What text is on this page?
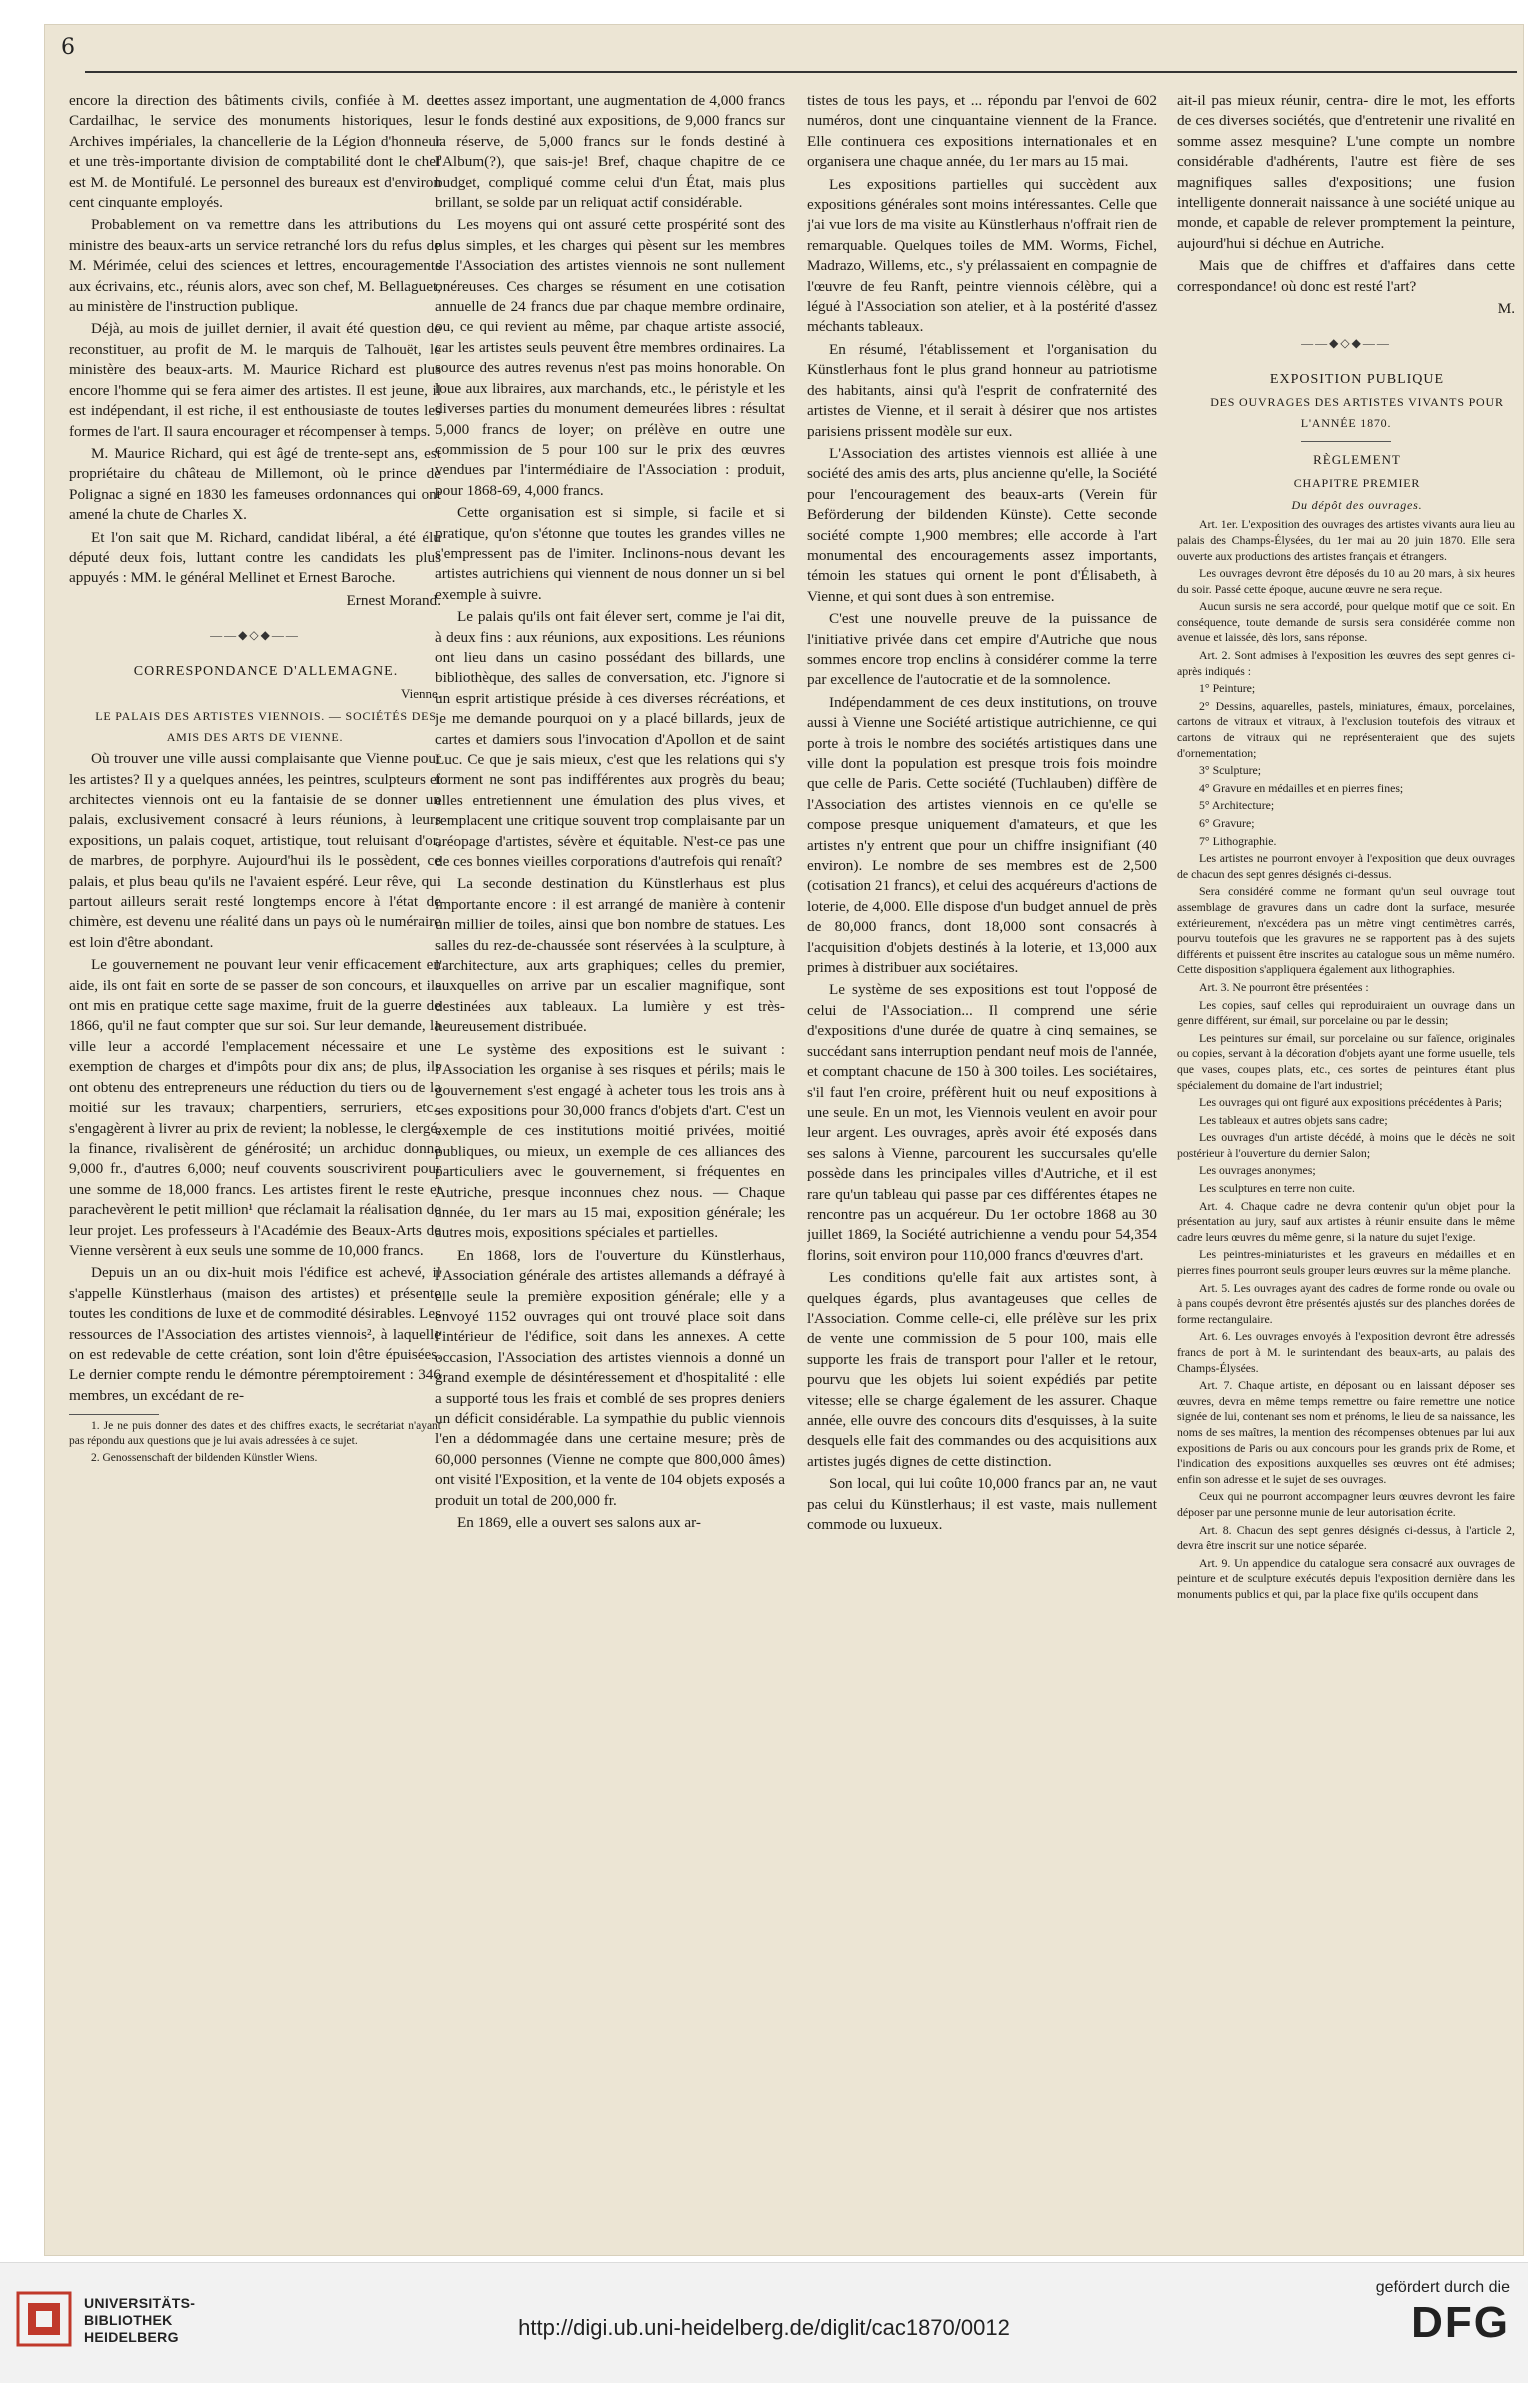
6

encore la direction des bâtiments civils, confiée à M. de Cardailhac, le service des monuments historiques, les Archives impériales, la chancellerie de la Légion d'honneur et une très-importante division de comptabilité dont le chef est M. de Montifulé. Le personnel des bureaux est d'environ cent cinquante employés.

Probablement on va remettre dans les attributions du ministre des beaux-arts un service retranché lors du refus de M. Mérimée, celui des sciences et lettres, encouragements aux écrivains, etc., réunis alors, avec son chef, M. Bellaguet, au ministère de l'instruction publique.

Déjà, au mois de juillet dernier, il avait été question de reconstituer, au profit de M. le marquis de Talhouët, le ministère des beaux-arts. M. Maurice Richard est plus encore l'homme qui se fera aimer des artistes. Il est jeune, il est indépendant, il est riche, il est enthousiaste de toutes les formes de l'art. Il saura encourager et récompenser à temps.

M. Maurice Richard, qui est âgé de trente-sept ans, est propriétaire du château de Millemont, où le prince de Polignac a signé en 1830 les fameuses ordonnances qui ont amené la chute de Charles X.

Et l'on sait que M. Richard, candidat libéral, a été élu député deux fois, luttant contre les candidats les plus appuyés : MM. le général Mellinet et Ernest Baroche.

Ernest Morand.

——◆◇◆——

CORRESPONDANCE D'ALLEMAGNE.

Vienne.

LE PALAIS DES ARTISTES VIENNOIS. — SOCIÉTÉS DES AMIS DES ARTS DE VIENNE.

Où trouver une ville aussi complaisante que Vienne pour les artistes? Il y a quelques années, les peintres, sculpteurs et architectes viennois ont eu la fantaisie de se donner un palais, exclusivement consacré à leurs réunions, à leurs expositions, un palais coquet, artistique, tout reluisant d'or, de marbres, de porphyre. Aujourd'hui ils le possèdent, ce palais, et plus beau qu'ils ne l'avaient espéré. Leur rêve, qui partout ailleurs serait resté longtemps encore à l'état de chimère, est devenu une réalité dans un pays où le numéraire est loin d'être abondant.

Le gouvernement ne pouvant leur venir efficacement en aide, ils ont fait en sorte de se passer de son concours, et ils ont mis en pratique cette sage maxime, fruit de la guerre de 1866, qu'il ne faut compter que sur soi. Sur leur demande, la ville leur a accordé l'emplacement nécessaire et une exemption de charges et d'impôts pour dix ans; de plus, ils ont obtenu des entrepreneurs une réduction du tiers ou de la moitié sur les travaux; charpentiers, serruriers, etc., s'engagèrent à livrer au prix de revient; la noblesse, le clergé, la finance, rivalisèrent de générosité; un archiduc donna 9,000 fr., d'autres 6,000; neuf couvents souscrivirent pour une somme de 18,000 francs. Les artistes firent le reste et parachevèrent le petit million¹ que réclamait la réalisation de leur projet. Les professeurs à l'Académie des Beaux-Arts de Vienne versèrent à eux seuls une somme de 10,000 francs.

Depuis un an ou dix-huit mois l'édifice est achevé, il s'appelle Künstlerhaus (maison des artistes) et présente toutes les conditions de luxe et de commodité désirables. Les ressources de l'Association des artistes viennois², à laquelle on est redevable de cette création, sont loin d'être épuisées. Le dernier compte rendu le démontre péremptoirement : 346 membres, un excédant de re-

1. Je ne puis donner des dates et des chiffres exacts, le secrétariat n'ayant pas répondu aux questions que je lui avais adressées à ce sujet.

2. Genossenschaft der bildenden Künstler Wiens.

cettes assez important, une augmentation de 4,000 francs sur le fonds destiné aux expositions, de 9,000 francs sur la réserve, de 5,000 francs sur le fonds destiné à l'Album(?), que sais-je! Bref, chaque chapitre de ce budget, compliqué comme celui d'un État, mais plus brillant, se solde par un reliquat actif considérable.

Les moyens qui ont assuré cette prospérité sont des plus simples, et les charges qui pèsent sur les membres de l'Association des artistes viennois ne sont nullement onéreuses. Ces charges se résument en une cotisation annuelle de 24 francs due par chaque membre ordinaire, ou, ce qui revient au même, par chaque artiste associé, car les artistes seuls peuvent être membres ordinaires. La source des autres revenus n'est pas moins honorable. On loue aux libraires, aux marchands, etc., le péristyle et les diverses parties du monument demeurées libres : résultat 5,000 francs de loyer; on prélève en outre une commission de 5 pour 100 sur le prix des œuvres vendues par l'intermédiaire de l'Association : produit, pour 1868-69, 4,000 francs.

Cette organisation est si simple, si facile et si pratique, qu'on s'étonne que toutes les grandes villes ne s'empressent pas de l'imiter. Inclinons-nous devant les artistes autrichiens qui viennent de nous donner un si bel exemple à suivre.

Le palais qu'ils ont fait élever sert, comme je l'ai dit, à deux fins : aux réunions, aux expositions. Les réunions ont lieu dans un casino possédant des billards, une bibliothèque, des salles de conversation, etc. J'ignore si un esprit artistique préside à ces diverses récréations, et je me demande pourquoi on y a placé billards, jeux de cartes et damiers sous l'invocation d'Apollon et de saint Luc. Ce que je sais mieux, c'est que les relations qui s'y forment ne sont pas indifférentes aux progrès du beau; elles entretiennent une émulation des plus vives, et remplacent une critique souvent trop complaisante par un aréopage d'artistes, sévère et équitable. N'est-ce pas une de ces bonnes vieilles corporations d'autrefois qui renaît?

La seconde destination du Künstlerhaus est plus importante encore : il est arrangé de manière à contenir un millier de toiles, ainsi que bon nombre de statues. Les salles du rez-de-chaussée sont réservées à la sculpture, à l'architecture, aux arts graphiques; celles du premier, auxquelles on arrive par un escalier magnifique, sont destinées aux tableaux. La lumière y est très-heureusement distribuée.

Le système des expositions est le suivant : l'Association les organise à ses risques et périls; mais le gouvernement s'est engagé à acheter tous les trois ans à ses expositions pour 30,000 francs d'objets d'art. C'est un exemple de ces institutions moitié privées, moitié publiques, ou mieux, un exemple de ces alliances des particuliers avec le gouvernement, si fréquentes en Autriche, presque inconnues chez nous. — Chaque année, du 1er mars au 15 mai, exposition générale; les autres mois, expositions spéciales et partielles.

En 1868, lors de l'ouverture du Künstlerhaus, l'Association générale des artistes allemands a défrayé à elle seule la première exposition générale; elle y a envoyé 1152 ouvrages qui ont trouvé place soit dans l'intérieur de l'édifice, soit dans les annexes. A cette occasion, l'Association des artistes viennois a donné un grand exemple de désintéressement et d'hospitalité : elle a supporté tous les frais et comblé de ses propres deniers un déficit considérable. La sympathie du public viennois l'en a dédommagée dans une certaine mesure; près de 60,000 personnes (Vienne ne compte que 800,000 âmes) ont visité l'Exposition, et la vente de 104 objets exposés a produit un total de 200,000 fr.

En 1869, elle a ouvert ses salons aux ar-

tistes de tous les pays, et ... répondu par l'envoi de 602 numéros, dont une cinquantaine viennent de la France. Elle continuera ces expositions internationales et en organisera une chaque année, du 1er mars au 15 mai.

Les expositions partielles qui succèdent aux expositions générales sont moins intéressantes. Celle que j'ai vue lors de ma visite au Künstlerhaus n'offrait rien de remarquable. Quelques toiles de MM. Worms, Fichel, Madrazo, Willems, etc., s'y prélassaient en compagnie de l'œuvre de feu Ranft, peintre viennois célèbre, qui a légué à l'Association son atelier, et à la postérité d'assez méchants tableaux.

En résumé, l'établissement et l'organisation du Künstlerhaus font le plus grand honneur au patriotisme des habitants, ainsi qu'à l'esprit de confraternité des artistes de Vienne, et il serait à désirer que nos artistes parisiens prissent modèle sur eux.

L'Association des artistes viennois est alliée à une société des amis des arts, plus ancienne qu'elle, la Société pour l'encouragement des beaux-arts (Verein für Beförderung der bildenden Künste). Cette seconde société compte 1,900 membres; elle accorde à l'art monumental des encouragements assez importants, témoin les statues qui ornent le pont d'Élisabeth, à Vienne, et qui sont dues à son entremise.

C'est une nouvelle preuve de la puissance de l'initiative privée dans cet empire d'Autriche que nous sommes encore trop enclins à considérer comme la terre par excellence de l'autocratie et de la somnolence.

Indépendamment de ces deux institutions, on trouve aussi à Vienne une Société artistique autrichienne, ce qui porte à trois le nombre des sociétés artistiques dans une ville dont la population est presque trois fois moindre que celle de Paris. Cette société (Tuchlauben) diffère de l'Association des artistes viennois en ce qu'elle se compose presque uniquement d'amateurs, et que les artistes n'y entrent que pour un chiffre insignifiant (40 environ). Le nombre de ses membres est de 2,500 (cotisation 21 francs), et celui des acquéreurs d'actions de loterie, de 4,000. Elle dispose d'un budget annuel de près de 80,000 francs, dont 18,000 sont consacrés à l'acquisition d'objets destinés à la loterie, et 13,000 aux primes à distribuer aux sociétaires.

Le système de ses expositions est tout l'opposé de celui de l'Association... Il comprend une série d'expositions d'une durée de quatre à cinq semaines, se succédant sans interruption pendant neuf mois de l'année, et comptant chacune de 150 à 300 toiles. Les sociétaires, s'il faut l'en croire, préfèrent huit ou neuf expositions à une seule. En un mot, les Viennois veulent en avoir pour leur argent. Les ouvrages, après avoir été exposés dans ses salons à Vienne, parcourent les succursales qu'elle possède dans les principales villes d'Autriche, et il est rare qu'un tableau qui passe par ces différentes étapes ne rencontre pas un acquéreur. Du 1er octobre 1868 au 30 juillet 1869, la Société autrichienne a vendu pour 54,354 florins, soit environ pour 110,000 francs d'œuvres d'art.

Les conditions qu'elle fait aux artistes sont, à quelques égards, plus avantageuses que celles de l'Association. Comme celle-ci, elle prélève sur les prix de vente une commission de 5 pour 100, mais elle supporte les frais de transport pour l'aller et le retour, pourvu que les objets lui soient expédiés par petite vitesse; elle se charge également de les assurer. Chaque année, elle ouvre des concours dits d'esquisses, à la suite desquels elle fait des commandes ou des acquisitions aux artistes jugés dignes de cette distinction.

Son local, qui lui coûte 10,000 francs par an, ne vaut pas celui du Künstlerhaus; il est vaste, mais nullement commode ou luxueux.

ait-il pas mieux réunir, centra- dire le mot, les efforts de ces diverses sociétés, que d'entretenir une rivalité en somme assez mesquine? L'une compte un nombre considérable d'adhérents, l'autre est fière de ses magnifiques salles d'expositions; une fusion intelligente donnerait naissance à une société unique au monde, et capable de relever promptement la peinture, aujourd'hui si déchue en Autriche.

Mais que de chiffres et d'affaires dans cette correspondance! où donc est resté l'art?

M.

——◆◇◆——

EXPOSITION PUBLIQUE

DES OUVRAGES DES ARTISTES VIVANTS POUR L'ANNÉE 1870.

RÈGLEMENT

CHAPITRE PREMIER

Du dépôt des ouvrages.

Art. 1er. L'exposition des ouvrages des artistes vivants aura lieu au palais des Champs-Élysées, du 1er mai au 20 juin 1870. Elle sera ouverte aux productions des artistes français et étrangers.

Les ouvrages devront être déposés du 10 au 20 mars, à six heures du soir. Passé cette époque, aucune œuvre ne sera reçue.

Aucun sursis ne sera accordé, pour quelque motif que ce soit. En conséquence, toute demande de sursis sera considérée comme non avenue et laissée, dès lors, sans réponse.

Art. 2. Sont admises à l'exposition les œuvres des sept genres ci-après indiqués :

1° Peinture;

2° Dessins, aquarelles, pastels, miniatures, émaux, porcelaines, cartons de vitraux et vitraux, à l'exclusion toutefois des vitraux et cartons de vitraux qui ne représenteraient que des sujets d'ornementation;

3° Sculpture;

4° Gravure en médailles et en pierres fines;

5° Architecture;

6° Gravure;

7° Lithographie.

Les artistes ne pourront envoyer à l'exposition que deux ouvrages de chacun des sept genres désignés ci-dessus.

Sera considéré comme ne formant qu'un seul ouvrage tout assemblage de gravures dans un cadre dont la surface, mesurée extérieurement, n'excédera pas un mètre vingt centimètres carrés, pourvu toutefois que les gravures ne se rapportent pas à des sujets différents et puissent être inscrites au catalogue sous un même numéro. Cette disposition s'appliquera également aux lithographies.

Art. 3. Ne pourront être présentées :

Les copies, sauf celles qui reproduiraient un ouvrage dans un genre différent, sur émail, sur porcelaine ou par le dessin;

Les peintures sur émail, sur porcelaine ou sur faïence, originales ou copies, servant à la décoration d'objets ayant une forme usuelle, tels que vases, coupes plats, etc., ces sortes de peintures étant plus spécialement du domaine de l'art industriel;

Les ouvrages qui ont figuré aux expositions précédentes à Paris;

Les tableaux et autres objets sans cadre;

Les ouvrages d'un artiste décédé, à moins que le décès ne soit postérieur à l'ouverture du dernier Salon;

Les ouvrages anonymes;

Les sculptures en terre non cuite.

Art. 4. Chaque cadre ne devra contenir qu'un objet pour la présentation au jury, sauf aux artistes à réunir ensuite dans le même cadre leurs œuvres du même genre, si la nature du sujet l'exige.

Les peintres-miniaturistes et les graveurs en médailles et en pierres fines pourront seuls grouper leurs œuvres sur la même planche.

Art. 5. Les ouvrages ayant des cadres de forme ronde ou ovale ou à pans coupés devront être présentés ajustés sur des planches dorées de forme rectangulaire.

Art. 6. Les ouvrages envoyés à l'exposition devront être adressés francs de port à M. le surintendant des beaux-arts, au palais des Champs-Élysées.

Art. 7. Chaque artiste, en déposant ou en laissant déposer ses œuvres, devra en même temps remettre ou faire remettre une notice signée de lui, contenant ses nom et prénoms, le lieu de sa naissance, les noms de ses maîtres, la mention des récompenses obtenues par lui aux expositions de Paris ou aux concours pour les grands prix de Rome, et l'indication des expositions auxquelles ses œuvres ont été admises; enfin son adresse et le sujet de ses ouvrages.

Ceux qui ne pourront accompagner leurs œuvres devront les faire déposer par une personne munie de leur autorisation écrite.

Art. 8. Chacun des sept genres désignés ci-dessus, à l'article 2, devra être inscrit sur une notice séparée.

Art. 9. Un appendice du catalogue sera consacré aux ouvrages de peinture et de sculpture exécutés depuis l'exposition dernière dans les monuments publics et qui, par la place fixe qu'ils occupent dans

UNIVERSITÄTS- BIBLIOTHEK HEIDELBERG	http://digi.ub.uni-heidelberg.de/diglit/cac1870/0012
gefördert durch die
DFG
